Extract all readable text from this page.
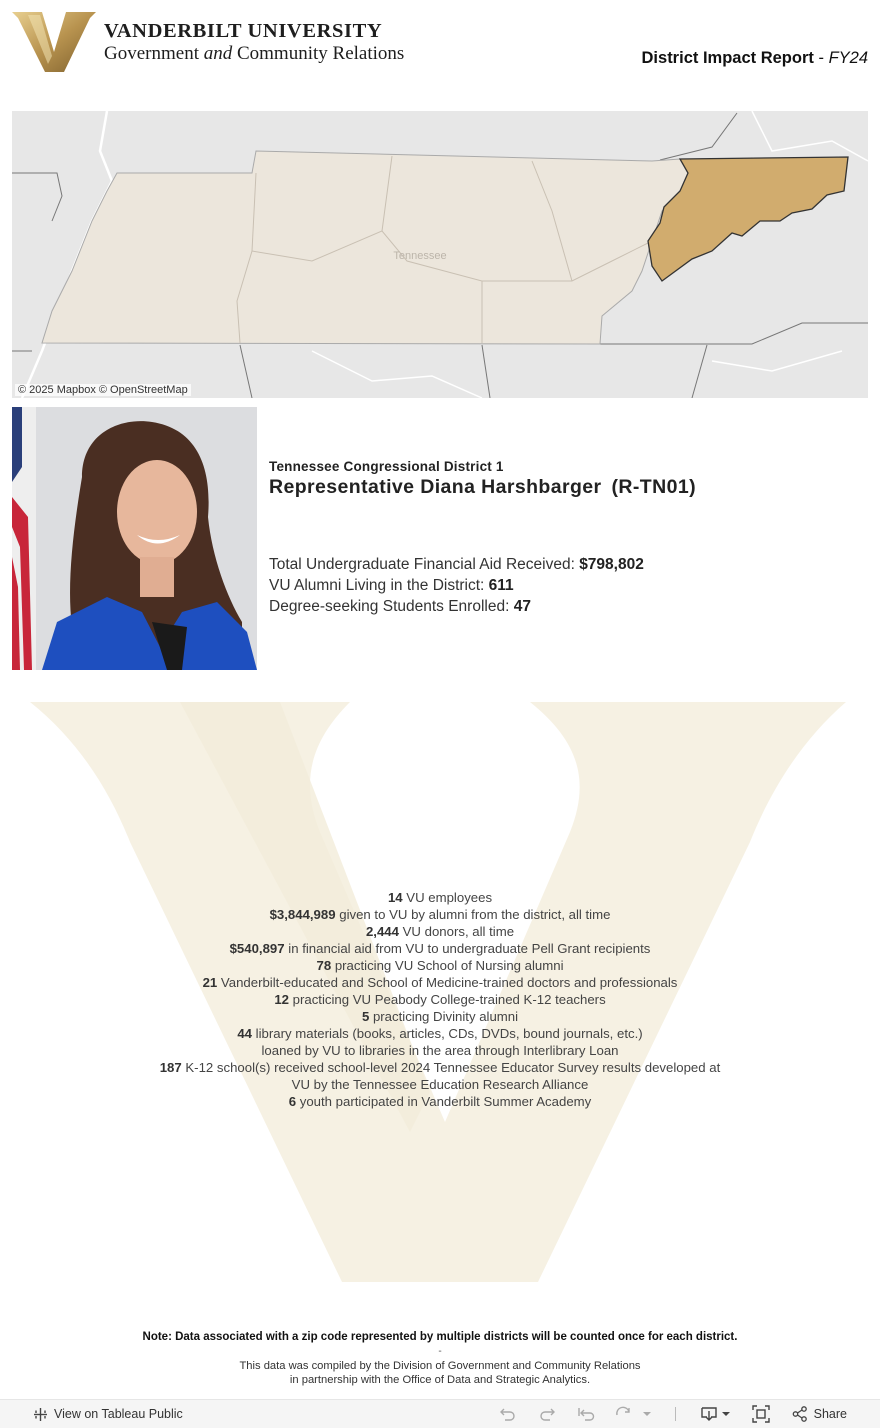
VANDERBILT UNIVERSITY
Government and Community Relations	District Impact Report - FY24
Tennessee
© 2025 Mapbox © OpenStreetMap
Tennessee Congressional District 1
Representative Diana Harshbarger (R-TN01)
Total Undergraduate Financial Aid Received: $798,802
VU Alumni Living in the District: 611
Degree-seeking Students Enrolled: 47
14 VU employees
$3,844,989 given to VU by alumni from the district, all time
2,444 VU donors, all time
$540,897 in financial aid from VU to undergraduate Pell Grant recipients
78 practicing VU School of Nursing alumni
21 Vanderbilt-educated and School of Medicine-trained doctors and professionals
12 practicing VU Peabody College-trained K-12 teachers
5 practicing Divinity alumni
44 library materials (books, articles, CDs, DVDs, bound journals, etc.)
loaned by VU to libraries in the area through Interlibrary Loan
187 K-12 school(s) received school-level 2024 Tennessee Educator Survey results developed at
VU by the Tennessee Education Research Alliance
6 youth participated in Vanderbilt Summer Academy
Note: Data associated with a zip code represented by multiple districts will be counted once for each district.
-
This data was compiled by the Division of Government and Community Relations
in partnership with the Office of Data and Strategic Analytics.
View on Tableau Public	Share
